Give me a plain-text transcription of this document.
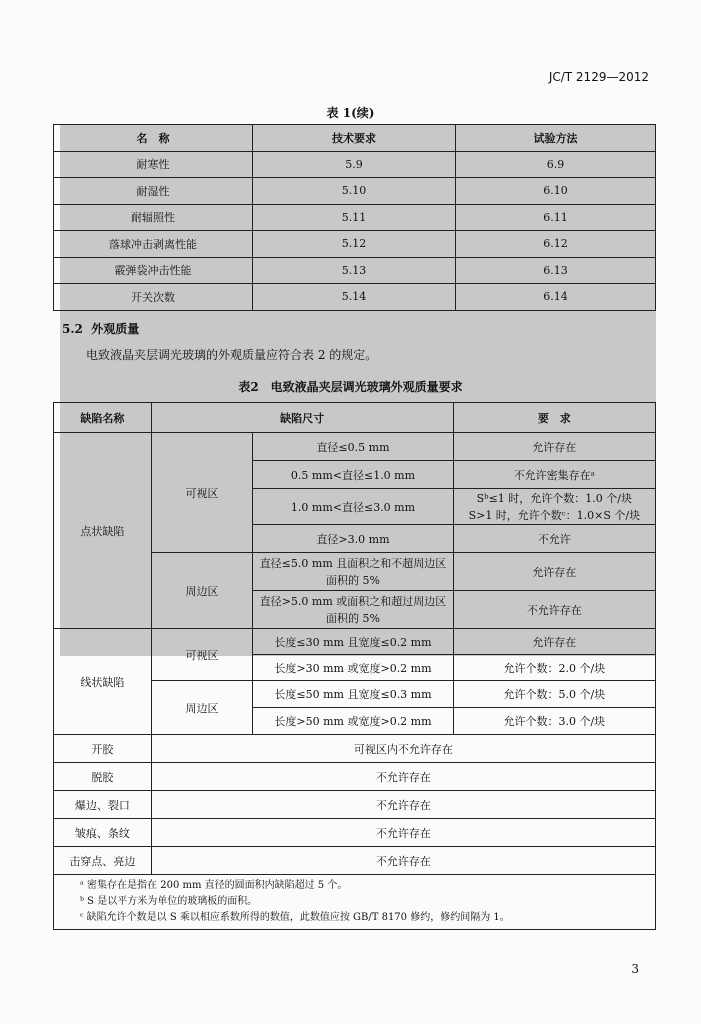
JC/T 2129—2012
表 1(续)
名　称	技术要求	试验方法
耐寒性	5.9	6.9
耐湿性	5.10	6.10
耐辐照性	5.11	6.11
落球冲击剥离性能	5.12	6.12
霰弹袋冲击性能	5.13	6.13
开关次数	5.14	6.14
5.2 外观质量
电致液晶夹层调光玻璃的外观质量应符合表 2 的规定。
表2　电致液晶夹层调光玻璃外观质量要求
缺陷名称	缺陷尺寸		要　求
点状缺陷	可视区	直径≤0.5 mm	允许存在
		0.5 mm<直径≤1.0 mm	不允许密集存在ᵃ
		1.0 mm<直径≤3.0 mm	Sᵇ≤1 时，允许个数：1.0 个/块
S>1 时，允许个数ᶜ：1.0×S 个/块

		直径>3.0 mm	不允许
	周边区	直径≤5.0 mm 且面积之和不超周边区
面积的 5%	允许存在

		直径>5.0 mm 或面积之和超过周边区
面积的 5%	不允许存在
线状缺陷	可视区	长度≤30 mm 且宽度≤0.2 mm	允许存在
		长度>30 mm 或宽度>0.2 mm	允许个数：2.0 个/块
	周边区	长度≤50 mm 且宽度≤0.3 mm	允许个数：5.0 个/块
		长度>50 mm 或宽度>0.2 mm	允许个数：3.0 个/块
开胶	可视区内不允许存在		
脱胶	不允许存在		
爆边、裂口	不允许存在		
皱痕、条纹	不允许存在		
击穿点、亮边	不允许存在		

ᵃ 密集存在是指在 200 mm 直径的圆面积内缺陷超过 5 个。
ᵇ S 是以平方米为单位的玻璃板的面积。
ᶜ 缺陷允许个数是以 S 乘以相应系数所得的数值，此数值应按 GB/T 8170 修约，修约间隔为 1。			
3
